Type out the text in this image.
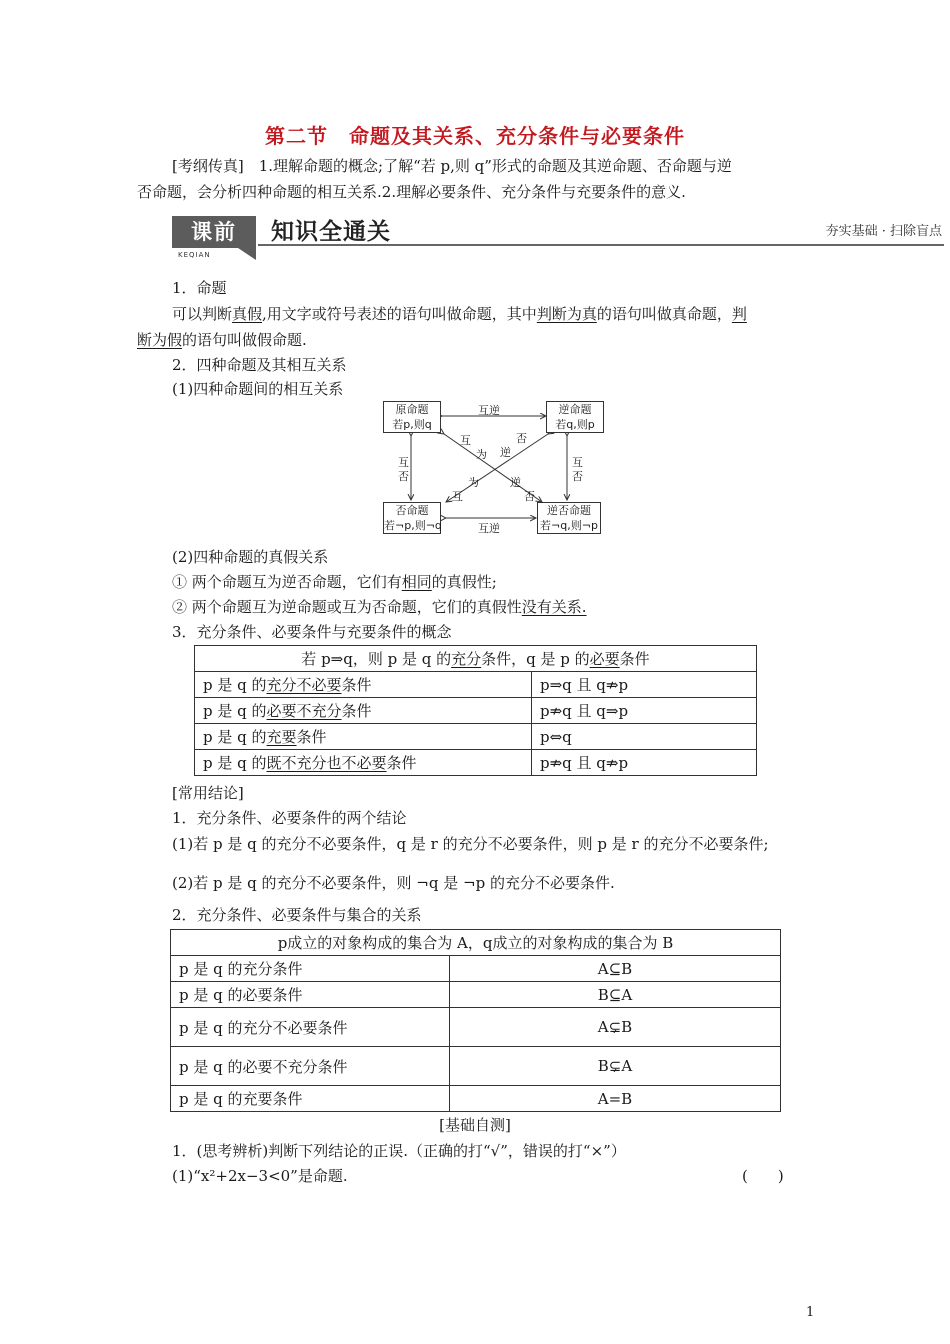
第二节　命题及其关系、充分条件与必要条件
[考纲传真]　1.理解命题的概念;了解“若 p,则 q”形式的命题及其逆命题、否命题与逆
否命题，会分析四种命题的相互关系.2.理解必要条件、充分条件与充要条件的意义.
课前
KEQIAN
知识全通关	夯实基础 · 扫除盲点
1．命题
可以判断真假,用文字或符号表述的语句叫做命题，其中判断为真的语句叫做真命题，判
断为假的语句叫做假命题.
2．四种命题及其相互关系
(1)四种命题间的相互关系
原命题
若p,则q
逆命题
若q,则p
否命题
若¬p,则¬q
逆否命题
若¬q,则¬p
互逆
互逆
互
否
互
否
互
为 逆
否
为
互
逆
否
(2)四种命题的真假关系
① 两个命题互为逆否命题，它们有相同的真假性;
② 两个命题互为逆命题或互为否命题，它们的真假性没有关系.
3．充分条件、必要条件与充要条件的概念
若 p⇒q，则 p 是 q 的充分条件，q 是 p 的必要条件	
p 是 q 的充分不必要条件	p⇒q 且 q⇏p
p 是 q 的必要不充分条件	p⇏q 且 q⇒p
p 是 q 的充要条件	p⇔q
p 是 q 的既不充分也不必要条件	p⇏q 且 q⇏p
[常用结论]
1．充分条件、必要条件的两个结论
(1)若 p 是 q 的充分不必要条件，q 是 r 的充分不必要条件，则 p 是 r 的充分不必要条件;
(2)若 p 是 q 的充分不必要条件，则 ¬q 是 ¬p 的充分不必要条件.
2．充分条件、必要条件与集合的关系
p成立的对象构成的集合为 A，q成立的对象构成的集合为 B	
p 是 q 的充分条件	A⊆B
p 是 q 的必要条件	B⊆A
p 是 q 的充分不必要条件	A⊊B
p 是 q 的必要不充分条件	B⊊A
p 是 q 的充要条件	A=B
[基础自测]
1．(思考辨析)判断下列结论的正误.（正确的打“√”，错误的打“×”）
(1)“x²+2x−3<0”是命题.	(　　)
1
